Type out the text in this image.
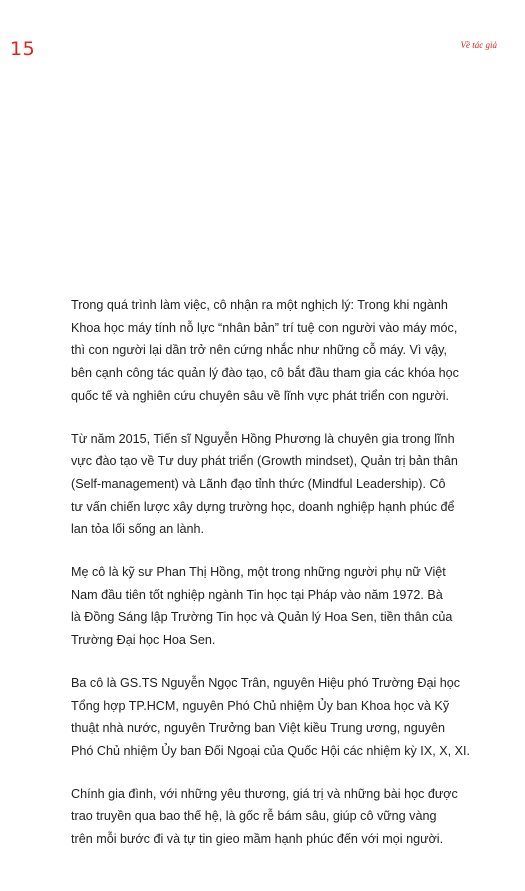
15	Về tác giả

Trong quá trình làm việc, cô nhận ra một nghịch lý: Trong khi ngành
Khoa học máy tính nỗ lực “nhân bản” trí tuệ con người vào máy móc,
thì con người lại dần trở nên cứng nhắc như những cỗ máy. Vì vậy,
bên cạnh công tác quản lý đào tạo, cô bắt đầu tham gia các khóa học
quốc tế và nghiên cứu chuyên sâu về lĩnh vực phát triển con người.

Từ năm 2015, Tiến sĩ Nguyễn Hồng Phương là chuyên gia trong lĩnh
vực đào tạo về Tư duy phát triển (Growth mindset), Quản trị bản thân
(Self-management) và Lãnh đạo tỉnh thức (Mindful Leadership). Cô
tư vấn chiến lược xây dựng trường học, doanh nghiệp hạnh phúc để
lan tỏa lối sống an lành.

Mẹ cô là kỹ sư Phan Thị Hồng, một trong những người phụ nữ Việt
Nam đầu tiên tốt nghiệp ngành Tin học tại Pháp vào năm 1972. Bà
là Đồng Sáng lập Trường Tin học và Quản lý Hoa Sen, tiền thân của
Trường Đại học Hoa Sen.

Ba cô là GS.TS Nguyễn Ngọc Trân, nguyên Hiệu phó Trường Đại học
Tổng hợp TP.HCM, nguyên Phó Chủ nhiệm Ủy ban Khoa học và Kỹ
thuật nhà nước, nguyên Trưởng ban Việt kiều Trung ương, nguyên
Phó Chủ nhiệm Ủy ban Đối Ngoại của Quốc Hội các nhiệm kỳ IX, X, XI.

Chính gia đình, với những yêu thương, giá trị và những bài học được
trao truyền qua bao thế hệ, là gốc rễ bám sâu, giúp cô vững vàng
trên mỗi bước đi và tự tin gieo mầm hạnh phúc đến với mọi người.
